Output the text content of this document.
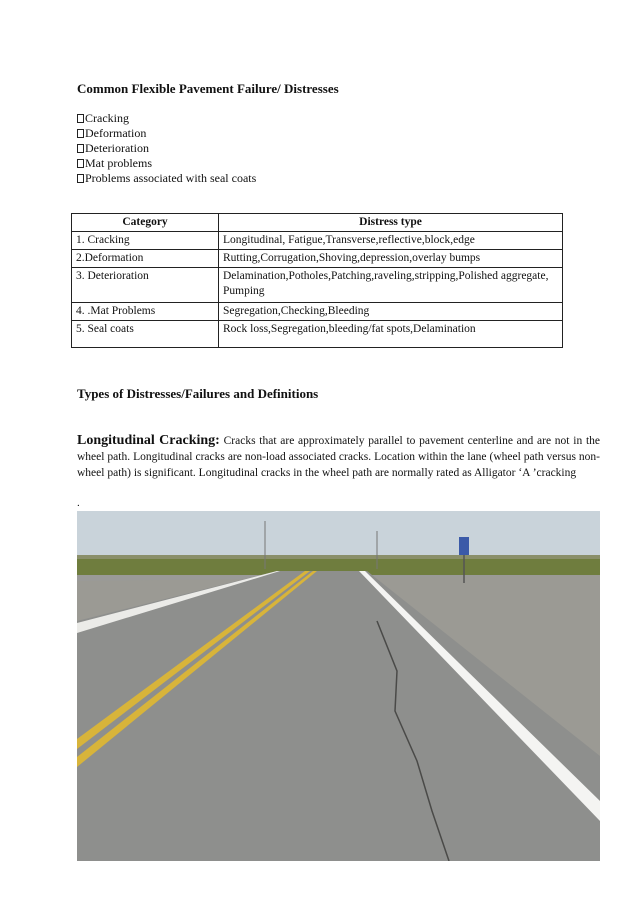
Common Flexible Pavement Failure/ Distresses
Cracking
Deformation
Deterioration
Mat problems
Problems associated with seal coats
Category	Distress type
1. Cracking	Longitudinal, Fatigue,Transverse,reflective,block,edge
2.Deformation	Rutting,Corrugation,Shoving,depression,overlay bumps
3. Deterioration	Delamination,Potholes,Patching,raveling,stripping,Polished aggregate, Pumping
4. .Mat Problems	Segregation,Checking,Bleeding
5. Seal coats	Rock loss,Segregation,bleeding/fat spots,Delamination
Types of Distresses/Failures and Definitions
Longitudinal Cracking: Cracks that are approximately parallel to pavement centerline and are not in the wheel path. Longitudinal cracks are non-load associated cracks. Location within the lane (wheel path versus non-wheel path) is significant. Longitudinal cracks in the wheel path are normally rated as Alligator ‘A ’cracking
.
